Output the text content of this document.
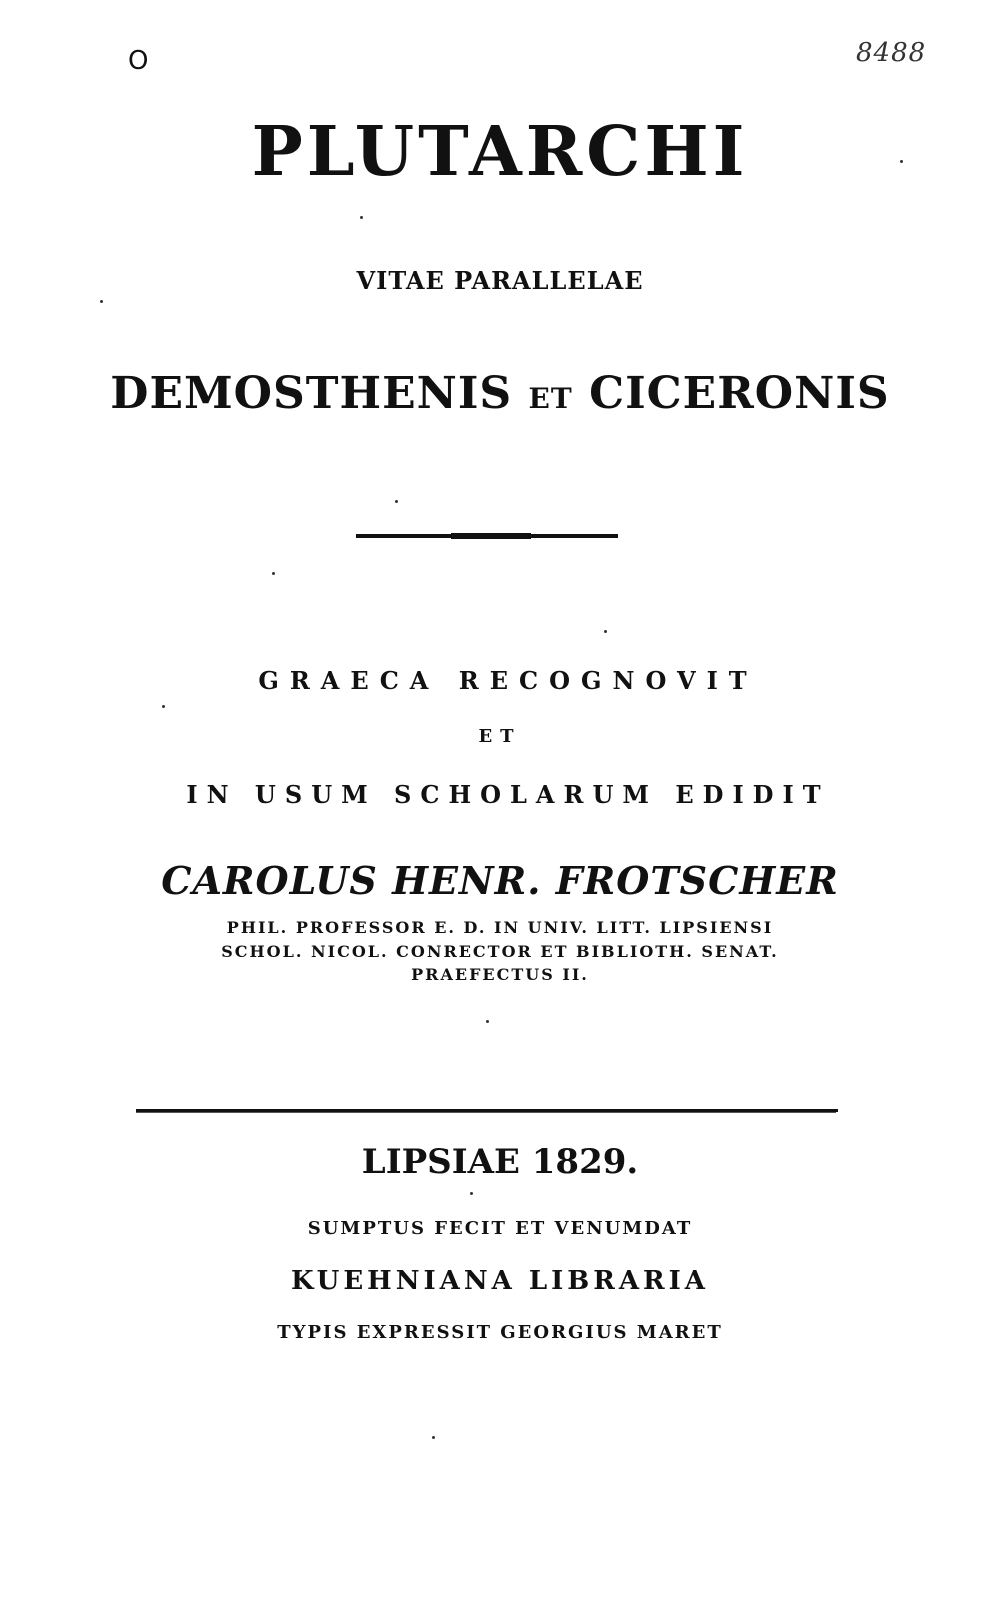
O	8488
PLUTARCHI
VITAE PARALLELAE
DEMOSTHENIS ET CICERONIS
GRAECA RECOGNOVIT
ET
IN USUM SCHOLARUM EDIDIT
CAROLUS HENR. FROTSCHER
PHIL. PROFESSOR E. D. IN UNIV. LITT. LIPSIENSI
SCHOL. NICOL. CONRECTOR ET BIBLIOTH. SENAT.
PRAEFECTUS II.
LIPSIAE 1829.
SUMPTUS FECIT ET VENUMDAT
KUEHNIANA LIBRARIA
TYPIS EXPRESSIT GEORGIUS MARET
